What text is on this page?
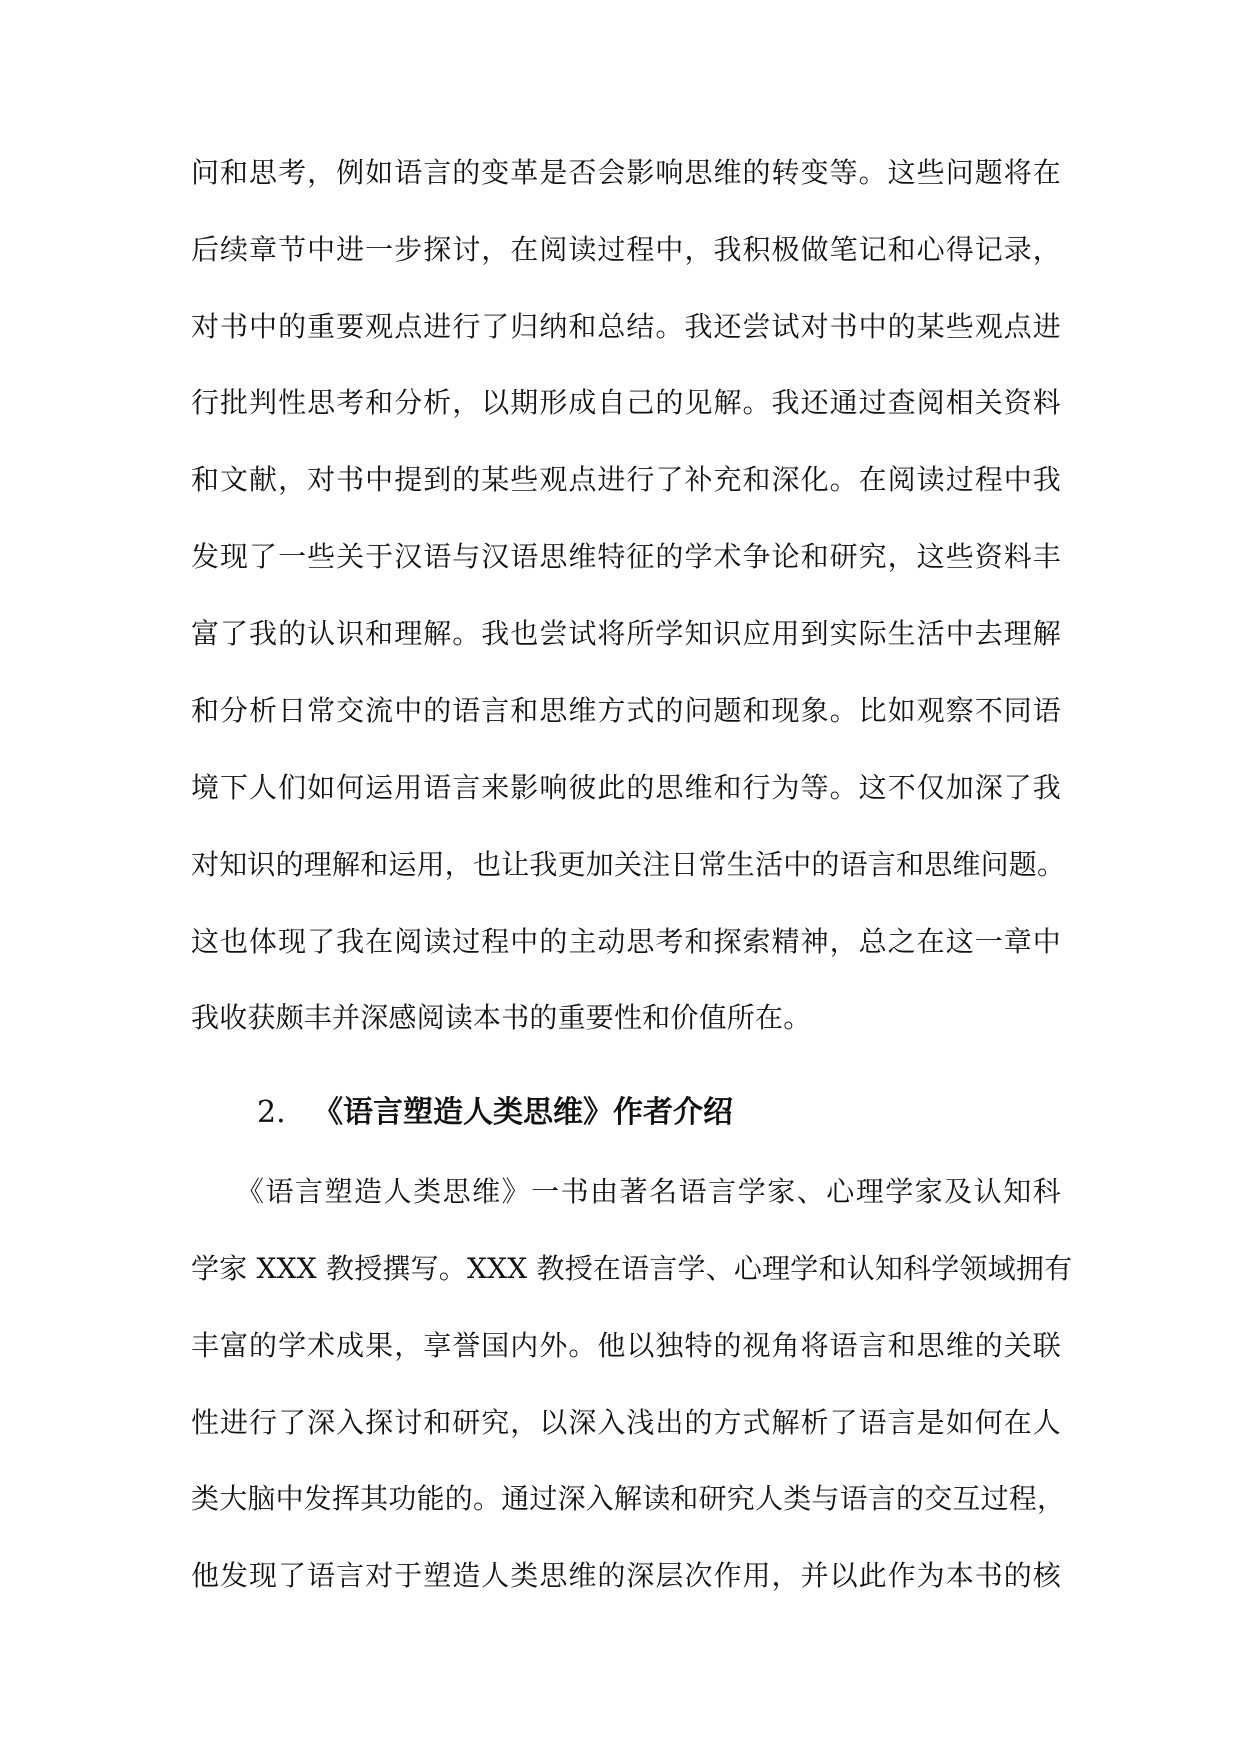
问和思考，例如语言的变革是否会影响思维的转变等。这些问题将在
后续章节中进一步探讨，在阅读过程中，我积极做笔记和心得记录，
对书中的重要观点进行了归纳和总结。我还尝试对书中的某些观点进
行批判性思考和分析，以期形成自己的见解。我还通过查阅相关资料
和文献，对书中提到的某些观点进行了补充和深化。在阅读过程中我
发现了一些关于汉语与汉语思维特征的学术争论和研究，这些资料丰
富了我的认识和理解。我也尝试将所学知识应用到实际生活中去理解
和分析日常交流中的语言和思维方式的问题和现象。比如观察不同语
境下人们如何运用语言来影响彼此的思维和行为等。这不仅加深了我
对知识的理解和运用，也让我更加关注日常生活中的语言和思维问题。
这也体现了我在阅读过程中的主动思考和探索精神，总之在这一章中
我收获颇丰并深感阅读本书的重要性和价值所在。
2. 《语言塑造人类思维》作者介绍
　　《语言塑造人类思维》一书由著名语言学家、心理学家及认知科
学家 XXX 教授撰写。XXX 教授在语言学、心理学和认知科学领域拥有
丰富的学术成果，享誉国内外。他以独特的视角将语言和思维的关联
性进行了深入探讨和研究，以深入浅出的方式解析了语言是如何在人
类大脑中发挥其功能的。通过深入解读和研究人类与语言的交互过程，
他发现了语言对于塑造人类思维的深层次作用，并以此作为本书的核
